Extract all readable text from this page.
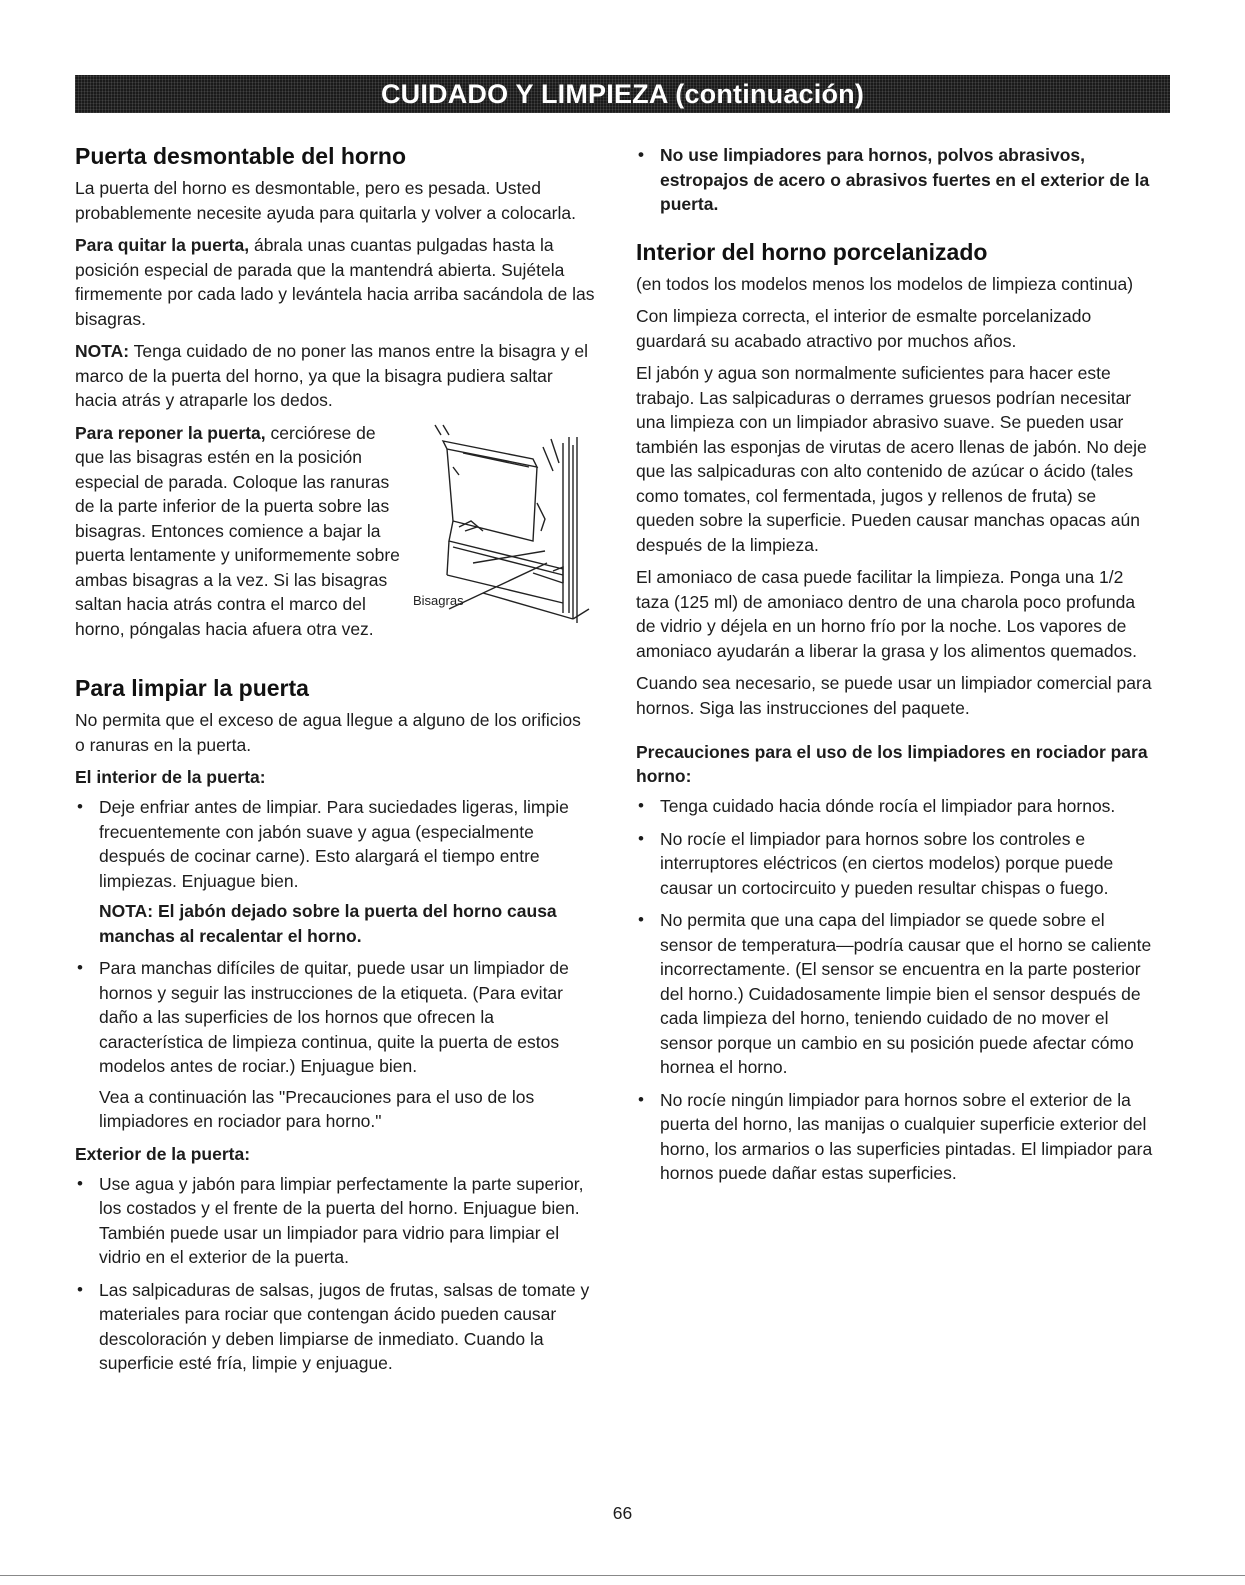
CUIDADO Y LIMPIEZA (continuación)
Puerta desmontable del horno

La puerta del horno es desmontable, pero es pesada. Usted probablemente necesite ayuda para quitarla y volver a colocarla.

Para quitar la puerta, ábrala unas cuantas pulgadas hasta la posición especial de parada que la mantendrá abierta. Sujétela firmemente por cada lado y levántela hacia arriba sacándola de las bisagras.

NOTA: Tenga cuidado de no poner las manos entre la bisagra y el marco de la puerta del horno, ya que la bisagra pudiera saltar hacia atrás y atraparle los dedos.

Bisagras

Para reponer la puerta, cerciórese de que las bisagras estén en la posición especial de parada. Coloque las ranuras de la parte inferior de la puerta sobre las bisagras. Entonces comience a bajar la puerta lentamente y uniformemente sobre ambas bisagras a la vez. Si las bisagras saltan hacia atrás contra el marco del horno, póngalas hacia afuera otra vez.

Para limpiar la puerta

No permita que el exceso de agua llegue a alguno de los orificios o ranuras en la puerta.

El interior de la puerta:
• Deje enfriar antes de limpiar. Para suciedades ligeras, limpie frecuentemente con jabón suave y agua (especialmente después de cocinar carne). Esto alargará el tiempo entre limpiezas. Enjuague bien.

NOTA: El jabón dejado sobre la puerta del horno causa manchas al recalentar el horno.

• Para manchas difíciles de quitar, puede usar un limpiador de hornos y seguir las instrucciones de la etiqueta. (Para evitar daño a las superficies de los hornos que ofrecen la característica de limpieza continua, quite la puerta de estos modelos antes de rociar.) Enjuague bien.

Vea a continuación las "Precauciones para el uso de los limpiadores en rociador para horno."

Exterior de la puerta:
• Use agua y jabón para limpiar perfectamente la parte superior, los costados y el frente de la puerta del horno. Enjuague bien. También puede usar un limpiador para vidrio para limpiar el vidrio en el exterior de la puerta.

• Las salpicaduras de salsas, jugos de frutas, salsas de tomate y materiales para rociar que contengan ácido pueden causar descoloración y deben limpiarse de inmediato. Cuando la superficie esté fría, limpie y enjuague.

• No use limpiadores para hornos, polvos abrasivos, estropajos de acero o abrasivos fuertes en el exterior de la puerta.

Interior del horno porcelanizado

(en todos los modelos menos los modelos de limpieza continua)

Con limpieza correcta, el interior de esmalte porcelanizado guardará su acabado atractivo por muchos años.

El jabón y agua son normalmente suficientes para hacer este trabajo. Las salpicaduras o derrames gruesos podrían necesitar una limpieza con un limpiador abrasivo suave. Se pueden usar también las esponjas de virutas de acero llenas de jabón. No deje que las salpicaduras con alto contenido de azúcar o ácido (tales como tomates, col fermentada, jugos y rellenos de fruta) se queden sobre la superficie. Pueden causar manchas opacas aún después de la limpieza.

El amoniaco de casa puede facilitar la limpieza. Ponga una 1/2 taza (125 ml) de amoniaco dentro de una charola poco profunda de vidrio y déjela en un horno frío por la noche. Los vapores de amoniaco ayudarán a liberar la grasa y los alimentos quemados.

Cuando sea necesario, se puede usar un limpiador comercial para hornos. Siga las instrucciones del paquete.

Precauciones para el uso de los limpiadores en rociador para horno:
• Tenga cuidado hacia dónde rocía el limpiador para hornos.

• No rocíe el limpiador para hornos sobre los controles e interruptores eléctricos (en ciertos modelos) porque puede causar un cortocircuito y pueden resultar chispas o fuego.

• No permita que una capa del limpiador se quede sobre el sensor de temperatura—podría causar que el horno se caliente incorrectamente. (El sensor se encuentra en la parte posterior del horno.) Cuidadosamente limpie bien el sensor después de cada limpieza del horno, teniendo cuidado de no mover el sensor porque un cambio en su posición puede afectar cómo hornea el horno.

• No rocíe ningún limpiador para hornos sobre el exterior de la puerta del horno, las manijas o cualquier superficie exterior del horno, los armarios o las superficies pintadas. El limpiador para hornos puede dañar estas superficies.

66
